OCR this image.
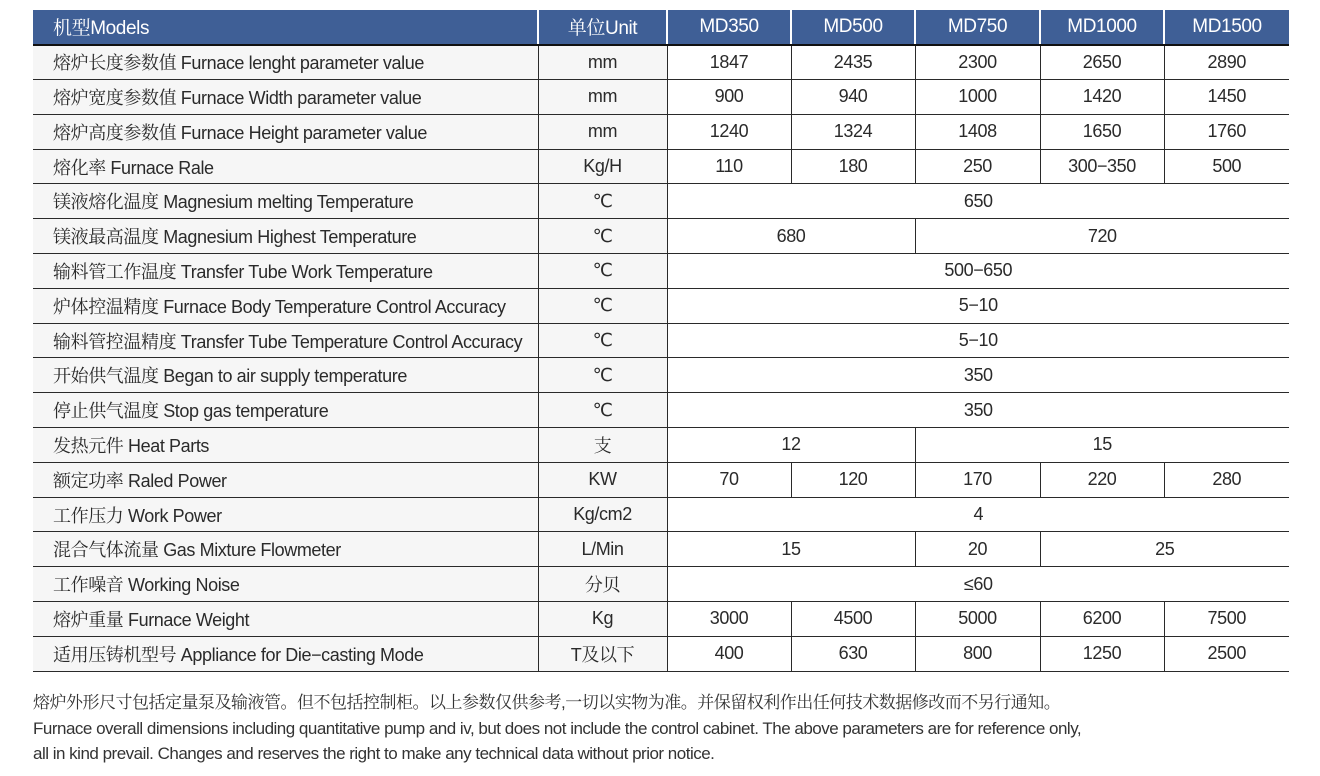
机型Models	单位Unit	MD350	MD500	MD750	MD1000	MD1500
熔炉长度参数值 Furnace lenght parameter value	mm	1847	2435	2300	2650	2890
熔炉宽度参数值 Furnace Width parameter value	mm	900	940	1000	1420	1450
熔炉高度参数值 Furnace Height parameter value	mm	1240	1324	1408	1650	1760
熔化率 Furnace Rale	Kg/H	110	180	250	300−350	500
镁液熔化温度 Magnesium melting Temperature	℃	650				
镁液最高温度 Magnesium Highest Temperature	℃	680		720		
输料管工作温度 Transfer Tube Work Temperature	℃	500−650				
炉体控温精度 Furnace Body Temperature Control Accuracy	℃	5−10				
输料管控温精度 Transfer Tube Temperature Control Accuracy	℃	5−10				
开始供气温度 Began to air supply temperature	℃	350				
停止供气温度 Stop gas temperature	℃	350				
发热元件 Heat Parts	支	12		15		
额定功率 Raled Power	KW	70	120	170	220	280
工作压力 Work Power	Kg/cm2	4				
混合气体流量 Gas Mixture Flowmeter	L/Min	15		20	25	
工作噪音 Working Noise	分贝	≤60				
熔炉重量 Furnace Weight	Kg	3000	4500	5000	6200	7500
适用压铸机型号 Appliance for Die−casting Mode	T及以下	400	630	800	1250	2500
熔炉外形尺寸包括定量泵及输液管。但不包括控制柜。以上参数仅供参考,一切以实物为准。并保留权利作出任何技术数据修改而不另行通知。
Furnace overall dimensions including quantitative pump and iv, but does not include the control cabinet. The above parameters are for reference only,
all in kind prevail. Changes and reserves the right to make any technical data without prior notice.
